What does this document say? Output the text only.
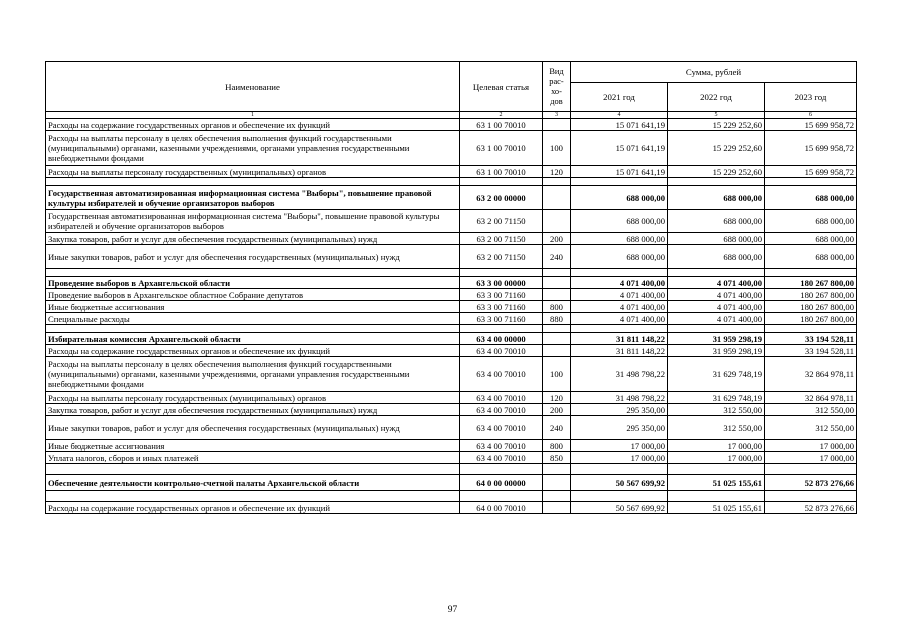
Наименование	Целевая статья	Вид рас-хо-дов	Сумма, рублей		
			2021 год	2022 год	2023 год
1	2	3	4	5	6
Расходы на содержание государственных органов и обеспечение их функций	63 1 00 70010		15 071 641,19	15 229 252,60	15 699 958,72
Расходы на выплаты персоналу в целях обеспечения выполнения функций государственными (муниципальными) органами, казенными учреждениями, органами управления государственными внебюджетными фондами	63 1 00 70010	100	15 071 641,19	15 229 252,60	15 699 958,72
Расходы на выплаты персоналу государственных (муниципальных) органов	63 1 00 70010	120	15 071 641,19	15 229 252,60	15 699 958,72

Государственная автоматизированная информационная система "Выборы", повышение правовой культуры избирателей и обучение организаторов выборов	63 2 00 00000		688 000,00	688 000,00	688 000,00
Государственная автоматизированная информационная система "Выборы", повышение правовой культуры избирателей и обучение организаторов выборов	63 2 00 71150		688 000,00	688 000,00	688 000,00
Закупка товаров, работ и услуг для обеспечения государственных (муниципальных) нужд	63 2 00 71150	200	688 000,00	688 000,00	688 000,00
Иные закупки товаров, работ и услуг для обеспечения государственных (муниципальных) нужд	63 2 00 71150	240	688 000,00	688 000,00	688 000,00

Проведение выборов в Архангельской области	63 3 00 00000		4 071 400,00	4 071 400,00	180 267 800,00
Проведение выборов в Архангельское областное Собрание депутатов	63 3 00 71160		4 071 400,00	4 071 400,00	180 267 800,00
Иные бюджетные ассигнования	63 3 00 71160	800	4 071 400,00	4 071 400,00	180 267 800,00
Специальные расходы	63 3 00 71160	880	4 071 400,00	4 071 400,00	180 267 800,00

Избирательная комиссия Архангельской области	63 4 00 00000		31 811 148,22	31 959 298,19	33 194 528,11
Расходы на содержание государственных органов и обеспечение их функций	63 4 00 70010		31 811 148,22	31 959 298,19	33 194 528,11
Расходы на выплаты персоналу в целях обеспечения выполнения функций государственными (муниципальными) органами, казенными учреждениями, органами управления государственными внебюджетными фондами	63 4 00 70010	100	31 498 798,22	31 629 748,19	32 864 978,11
Расходы на выплаты персоналу государственных (муниципальных) органов	63 4 00 70010	120	31 498 798,22	31 629 748,19	32 864 978,11
Закупка товаров, работ и услуг для обеспечения государственных (муниципальных) нужд	63 4 00 70010	200	295 350,00	312 550,00	312 550,00
Иные закупки товаров, работ и услуг для обеспечения государственных (муниципальных) нужд	63 4 00 70010	240	295 350,00	312 550,00	312 550,00
Иные бюджетные ассигнования	63 4 00 70010	800	17 000,00	17 000,00	17 000,00
Уплата налогов, сборов и иных платежей	63 4 00 70010	850	17 000,00	17 000,00	17 000,00

Обеспечение деятельности контрольно-счетной палаты Архангельской области	64 0 00 00000		50 567 699,92	51 025 155,61	52 873 276,66

Расходы на содержание государственных органов и обеспечение их функций	64 0 00 70010		50 567 699,92	51 025 155,61	52 873 276,66
97
